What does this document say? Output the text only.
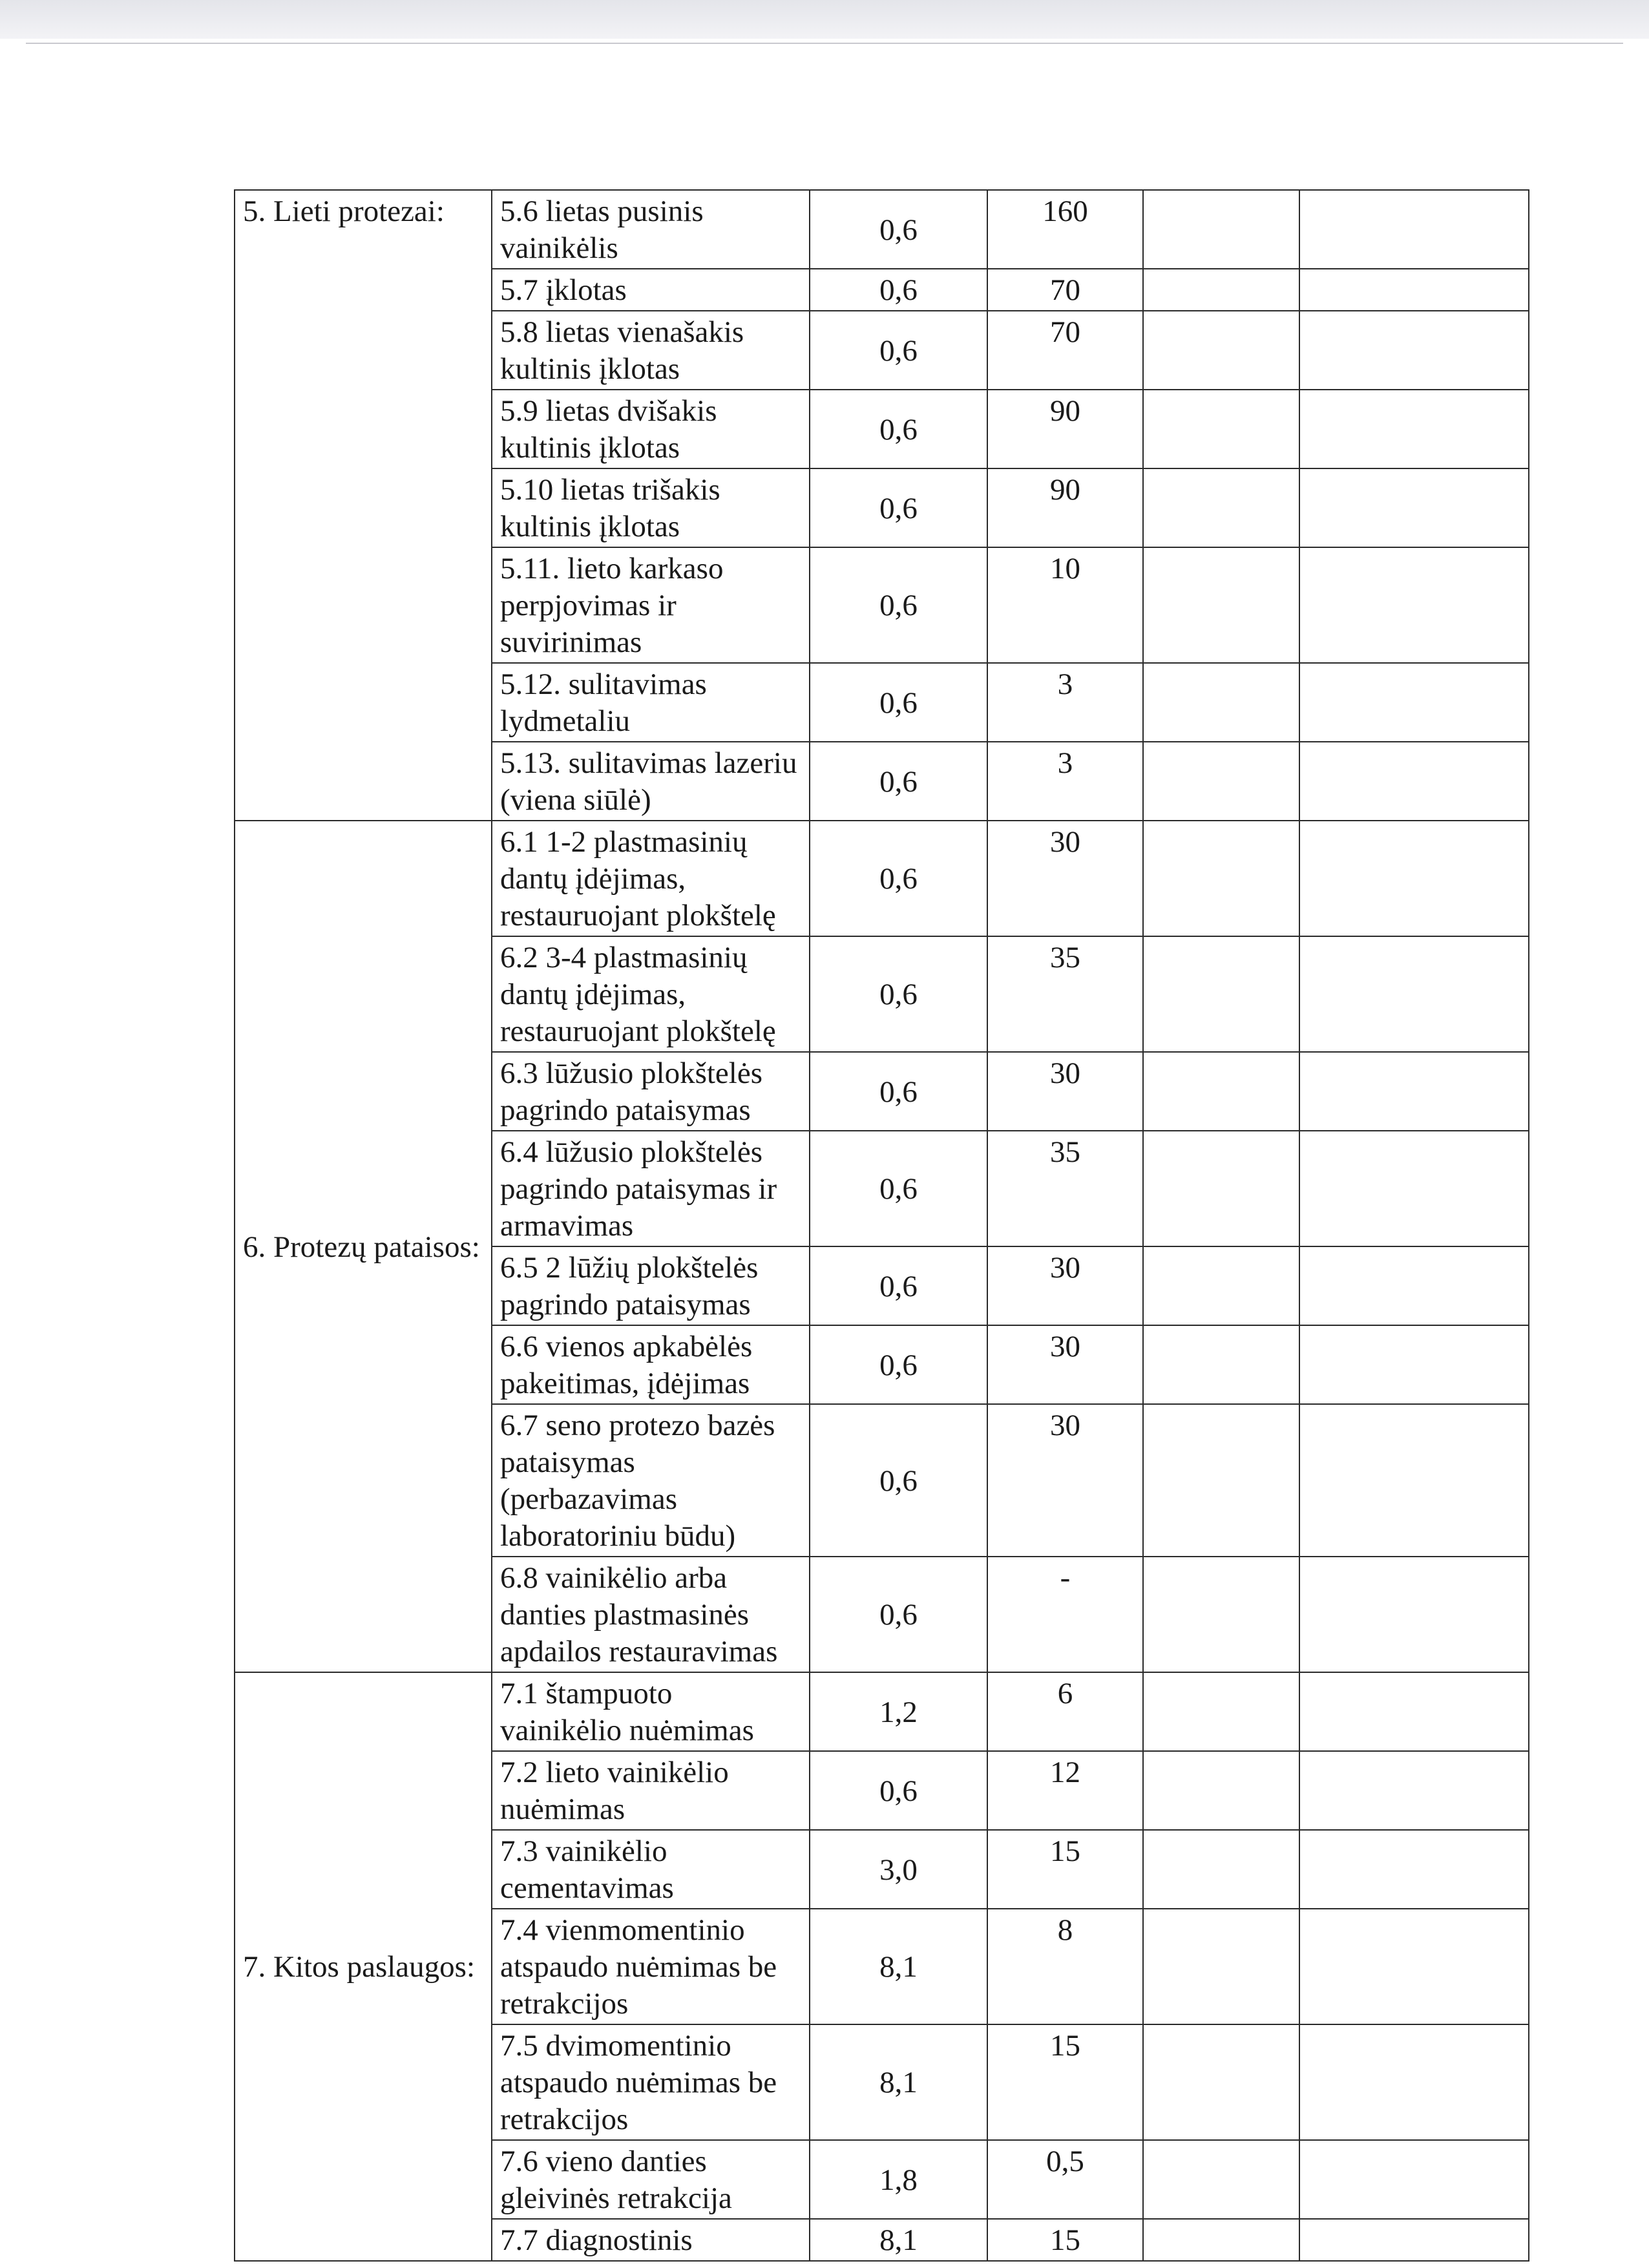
5. Lieti protezai:	5.6 lietas pusinis vainikėlis	0,6	160		
	5.7 įklotas	0,6	70		
	5.8 lietas vienašakis kultinis įklotas	0,6	70		
	5.9 lietas dvišakis kultinis įklotas	0,6	90		
	5.10 lietas trišakis kultinis įklotas	0,6	90		
	5.11. lieto karkaso perpjovimas ir suvirinimas	0,6	10		
	5.12. sulitavimas lydmetaliu	0,6	3		
	5.13. sulitavimas lazeriu (viena siūlė)	0,6	3		
6. Protezų pataisos:	6.1 1-2 plastmasinių dantų įdėjimas, restauruojant plokštelę	0,6	30		
	6.2 3-4 plastmasinių dantų įdėjimas, restauruojant plokštelę	0,6	35		
	6.3 lūžusio plokštelės pagrindo pataisymas	0,6	30		
	6.4 lūžusio plokštelės pagrindo pataisymas ir armavimas	0,6	35		
	6.5 2 lūžių plokštelės pagrindo pataisymas	0,6	30		
	6.6 vienos apkabėlės pakeitimas, įdėjimas	0,6	30		
	6.7 seno protezo bazės pataisymas (perbazavimas laboratoriniu būdu)	0,6	30		
	6.8 vainikėlio arba danties plastmasinės apdailos restauravimas	0,6	-		
7. Kitos paslaugos:	7.1 štampuoto vainikėlio nuėmimas	1,2	6		
	7.2 lieto vainikėlio nuėmimas	0,6	12		
	7.3 vainikėlio cementavimas	3,0	15		
	7.4 vienmomentinio atspaudo nuėmimas be retrakcijos	8,1	8		
	7.5 dvimomentinio atspaudo nuėmimas be retrakcijos	8,1	15		
	7.6 vieno danties gleivinės retrakcija	1,8	0,5		
	7.7 diagnostinis	8,1	15		
